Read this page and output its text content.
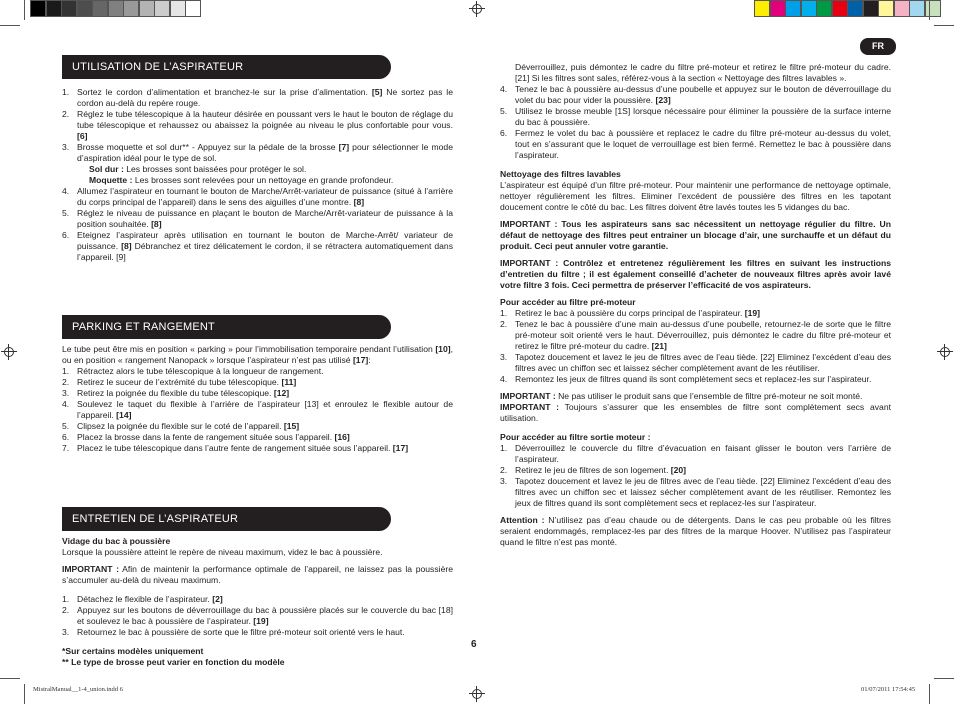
FR
UTILISATION DE L’ASPIRATEUR
1. Sortez le cordon d’alimentation et branchez-le sur la prise d’alimentation. [5] Ne sortez pas le cordon au-delà du repère rouge.
2. Réglez le tube télescopique à la hauteur désirée en poussant vers le haut le bouton de réglage du tube télescopique et rehaussez ou abaissez la poignée au niveau le plus confortable pour vous. [6]
3. Brosse moquette et sol dur** - Appuyez sur la pédale de la brosse [7] pour sélectionner le mode d’aspiration idéal pour le type de sol.
Sol dur : Les brosses sont baissées pour protéger le sol.
Moquette : Les brosses sont relevées pour un nettoyage en grande profondeur.
4. Allumez l’aspirateur en tournant le bouton de Marche/Arrêt-variateur de puissance (situé à l’arrière du corps principal de l’appareil) dans le sens des aiguilles d’une montre. [8]
5. Réglez le niveau de puissance en plaçant le bouton de Marche/Arrêt-variateur de puissance à la position souhaitée. [8]
6. Eteignez l’aspirateur après utilisation en tournant le bouton de Marche-Arrêt/ variateur de puissance. [8] Débranchez et tirez délicatement le cordon, il se rétractera automatiquement dans l’appareil. [9]
PARKING ET RANGEMENT

Le tube peut être mis en position « parking » pour l’immobilisation temporaire pendant l’utilisation [10], ou en position « rangement Nanopack » lorsque l’aspirateur n’est pas utilisé [17]:

1. Rétractez alors le tube télescopique à la longueur de rangement.
2. Retirez le suceur de l’extrémité du tube télescopique. [11]
3. Retirez la poignée du flexible du tube télescopique. [12]
4. Soulevez le taquet du flexible à l’arrière de l’aspirateur [13] et enroulez le flexible autour de l’appareil. [14]
5. Clipsez la poignée du flexible sur le coté de l’appareil. [15]
6. Placez la brosse dans la fente de rangement située sous l’appareil. [16]
7. Placez le tube télescopique dans l’autre fente de rangement située sous l’appareil. [17]
ENTRETIEN DE L’ASPIRATEUR

Vidage du bac à poussière

Lorsque la poussière atteint le repère de niveau maximum, videz le bac à poussière.

IMPORTANT : Afin de maintenir la performance optimale de l’appareil, ne laissez pas la poussière s’accumuler au-delà du niveau maximum.

1. Détachez le flexible de l’aspirateur. [2]
2. Appuyez sur les boutons de déverrouillage du bac à poussière placés sur le couvercle du bac [18] et soulevez le bac à poussière de l’aspirateur. [19]
3. Retournez le bac à poussière de sorte que le filtre pré-moteur soit orienté vers le haut.

*Sur certains modèles uniquement

** Le type de brosse peut varier en fonction du modèle

6

Déverrouillez, puis démontez le cadre du filtre pré-moteur et retirez le filtre pré-moteur du cadre. [21] Si les filtres sont sales, référez-vous à la section « Nettoyage des filtres lavables ».

4. Tenez le bac à poussière au-dessus d’une poubelle et appuyez sur le bouton de déverrouillage du volet du bac pour vider la poussière. [23]
5. Utilisez le brosse meuble [1S] lorsque nécessaire pour éliminer la poussière de la surface interne du bac à poussière.
6. Fermez le volet du bac à poussière et replacez le cadre du filtre pré-moteur au-dessus du volet, tout en s’assurant que le loquet de verrouillage est bien fermé. Remettez le bac à poussière dans l’aspirateur.

Nettoyage des filtres lavables

L’aspirateur est équipé d’un filtre pré-moteur. Pour maintenir une performance de nettoyage optimale, nettoyer régulièrement les filtres. Eliminer l’excédent de poussière des filtres en les tapotant doucement contre le côté du bac. Les filtres doivent être lavés toutes les 5 vidanges du bac.

IMPORTANT : Tous les aspirateurs sans sac nécessitent un nettoyage régulier du filtre. Un défaut de nettoyage des filtres peut entrainer un blocage d’air, une surchauffe et un défaut du produit. Ceci peut annuler votre garantie.

IMPORTANT : Contrôlez et entretenez régulièrement les filtres en suivant les instructions d’entretien du filtre ; il est également conseillé d’acheter de nouveaux filtres après avoir lavé votre filtre 3 fois. Ceci permettra de préserver l’efficacité de vos aspirateurs.

Pour accéder au filtre pré-moteur

1. Retirez le bac à poussière du corps principal de l’aspirateur. [19]
2. Tenez le bac à poussière d’une main au-dessus d’une poubelle, retournez-le de sorte que le filtre pré-moteur soit orienté vers le haut. Déverrouillez, puis démontez le cadre du filtre pré-moteur et retirez le filtre pré-moteur du cadre. [21]
3. Tapotez doucement et lavez le jeu de filtres avec de l’eau tiède. [22] Eliminez l’excédent d’eau des filtres avec un chiffon sec et laissez sécher complètement avant de les réutiliser.
4. Remontez les jeux de filtres quand ils sont complètement secs et replacez-les sur l’aspirateur.

IMPORTANT : Ne pas utiliser le produit sans que l’ensemble de filtre pré-moteur ne soit monté.

IMPORTANT : Toujours s’assurer que les ensembles de filtre sont complètement secs avant utilisation.

Pour accéder au filtre sortie moteur :

1. Déverrouillez le couvercle du filtre d’évacuation en faisant glisser le bouton vers l’arrière de l’aspirateur.
2. Retirez le jeu de filtres de son logement. [20]
3. Tapotez doucement et lavez le jeu de filtres avec de l’eau tiède. [22] Eliminez l’excédent d’eau des filtres avec un chiffon sec et laissez sécher complètement avant de les réutiliser. Remontez les jeux de filtres quand ils sont complètement secs et replacez-les sur l’aspirateur.

Attention : N’utilisez pas d’eau chaude ou de détergents. Dans le cas peu probable où les filtres seraient endommagés, remplacez-les par des filtres de la marque Hoover. N’utilisez pas l’aspirateur quand le filtre n’est pas monté.

MistralManual__1-4_union.indd 6	01/07/2011 17:54:45
